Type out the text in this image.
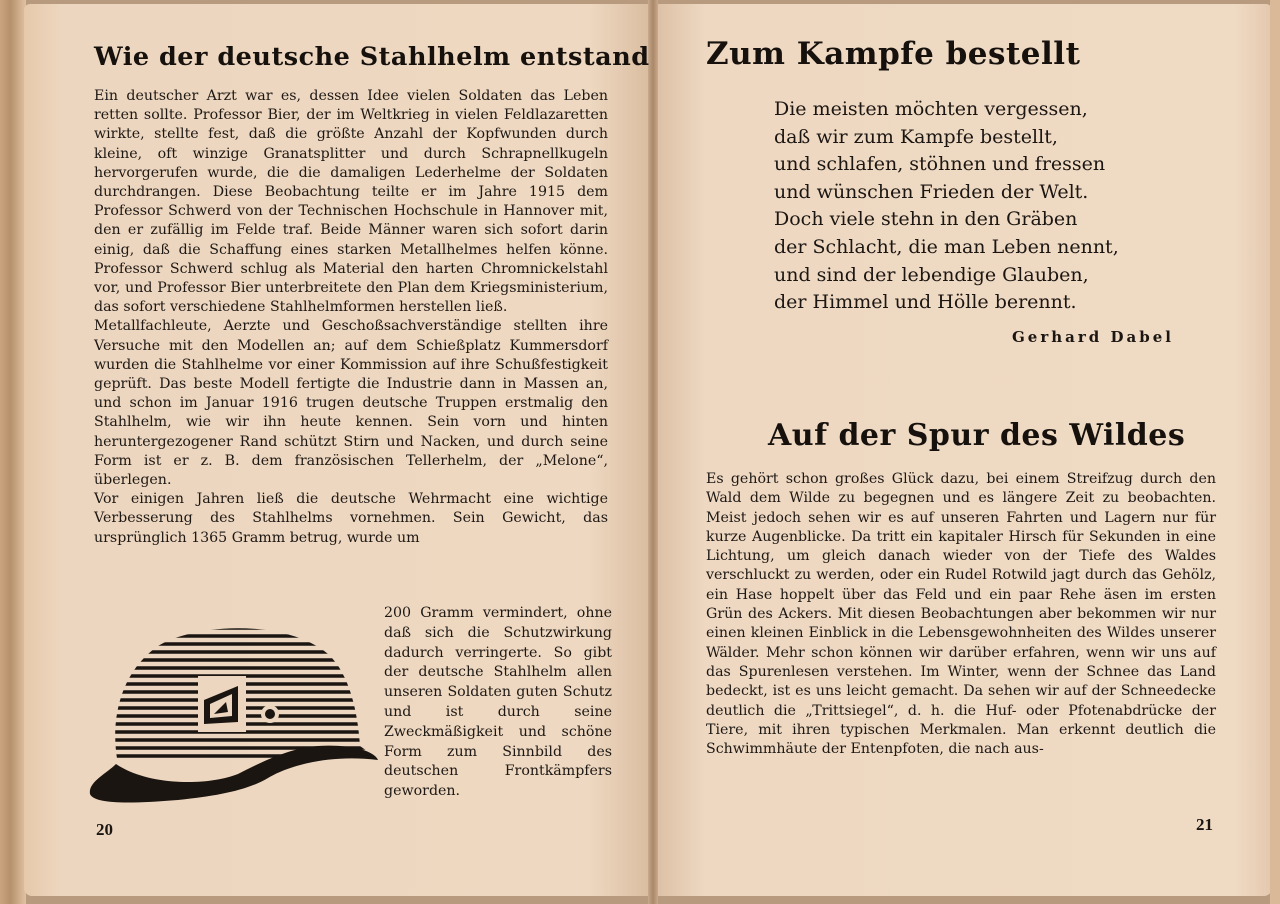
Wie der deutsche Stahlhelm entstand

Ein deutscher Arzt war es, dessen Idee vielen Soldaten das Leben retten sollte. Professor Bier, der im Weltkrieg in vielen Feldlazaretten wirkte, stellte fest, daß die größte Anzahl der Kopfwunden durch kleine, oft winzige Granatsplitter und durch Schrapnellkugeln hervorgerufen wurde, die die damaligen Lederhelme der Soldaten durchdrangen. Diese Beobachtung teilte er im Jahre 1915 dem Professor Schwerd von der Technischen Hochschule in Hannover mit, den er zufällig im Felde traf. Beide Männer waren sich sofort darin einig, daß die Schaffung eines starken Metallhelmes helfen könne. Professor Schwerd schlug als Material den harten Chromnickelstahl vor, und Professor Bier unterbreitete den Plan dem Kriegsministerium, das sofort verschiedene Stahlhelmformen herstellen ließ.

Metallfachleute, Aerzte und Geschoßsachverständige stellten ihre Versuche mit den Modellen an; auf dem Schießplatz Kummersdorf wurden die Stahlhelme vor einer Kommission auf ihre Schußfestigkeit geprüft. Das beste Modell fertigte die Industrie dann in Massen an, und schon im Januar 1916 trugen deutsche Truppen erstmalig den Stahlhelm, wie wir ihn heute kennen. Sein vorn und hinten heruntergezogener Rand schützt Stirn und Nacken, und durch seine Form ist er z. B. dem französischen Tellerhelm, der „Melone“, überlegen.

Vor einigen Jahren ließ die deutsche Wehrmacht eine wichtige Verbesserung des Stahlhelms vornehmen. Sein Gewicht, das ursprünglich 1365 Gramm betrug, wurde um

200 Gramm vermindert, ohne daß sich die Schutzwirkung dadurch verringerte. So gibt der deutsche Stahlhelm allen unseren Soldaten guten Schutz und ist durch seine Zweckmäßigkeit und schöne Form zum Sinnbild des deutschen Frontkämpfers geworden.
20
Zum Kampfe bestellt
Die meisten möchten vergessen,
daß wir zum Kampfe bestellt,
und schlafen, stöhnen und fressen
und wünschen Frieden der Welt.
Doch viele stehn in den Gräben
der Schlacht, die man Leben nennt,
und sind der lebendige Glauben,
der Himmel und Hölle berennt.
Gerhard Dabel
Auf der Spur des Wildes
Es gehört schon großes Glück dazu, bei einem Streifzug durch den Wald dem Wilde zu begegnen und es längere Zeit zu beobachten. Meist jedoch sehen wir es auf unseren Fahrten und Lagern nur für kurze Augenblicke. Da tritt ein kapitaler Hirsch für Sekunden in eine Lichtung, um gleich danach wieder von der Tiefe des Waldes verschluckt zu werden, oder ein Rudel Rotwild jagt durch das Gehölz, ein Hase hoppelt über das Feld und ein paar Rehe äsen im ersten Grün des Ackers. Mit diesen Beobachtungen aber bekommen wir nur einen kleinen Einblick in die Lebensgewohnheiten des Wildes unserer Wälder. Mehr schon können wir darüber erfahren, wenn wir uns auf das Spurenlesen verstehen. Im Winter, wenn der Schnee das Land bedeckt, ist es uns leicht gemacht. Da sehen wir auf der Schneedecke deutlich die „Trittsiegel“, d. h. die Huf- oder Pfotenabdrücke der Tiere, mit ihren typischen Merkmalen. Man erkennt deutlich die Schwimmhäute der Entenpfoten, die nach aus-
21
